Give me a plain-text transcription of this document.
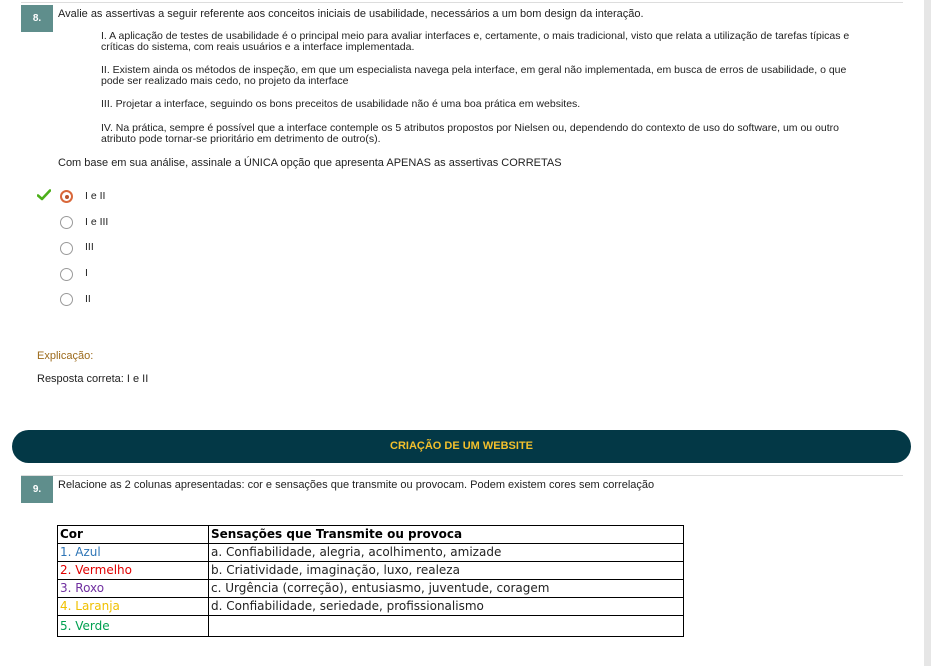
8.	Avalie as assertivas a seguir referente aos conceitos iniciais de usabilidade, necessários a um bom design da interação.
I. A aplicação de testes de usabilidade é o principal meio para avaliar interfaces e, certamente, o mais tradicional, visto que relata a utilização de tarefas típicas e
críticas do sistema, com reais usuários e a interface implementada.
II. Existem ainda os métodos de inspeção, em que um especialista navega pela interface, em geral não implementada, em busca de erros de usabilidade, o que
pode ser realizado mais cedo, no projeto da interface
III. Projetar a interface, seguindo os bons preceitos de usabilidade não é uma boa prática em websites.
IV. Na prática, sempre é possível que a interface contemple os 5 atributos propostos por Nielsen ou, dependendo do contexto de uso do software, um ou outro
atributo pode tornar-se prioritário em detrimento de outro(s).
Com base em sua análise, assinale a ÚNICA opção que apresenta APENAS as assertivas CORRETAS
I e II
I e III
III
I
II
Explicação:
Resposta correta: I e II
CRIAÇÃO DE UM WEBSITE
9.	Relacione as 2 colunas apresentadas: cor e sensações que transmite ou provocam. Podem existem cores sem correlação
Cor	Sensações que Transmite ou provoca
1. Azul	a. Confiabilidade, alegria, acolhimento, amizade
2. Vermelho	b. Criatividade, imaginação, luxo, realeza
3. Roxo	c. Urgência (correção), entusiasmo, juventude, coragem
4. Laranja	d. Confiabilidade, seriedade, profissionalismo
5. Verde	
